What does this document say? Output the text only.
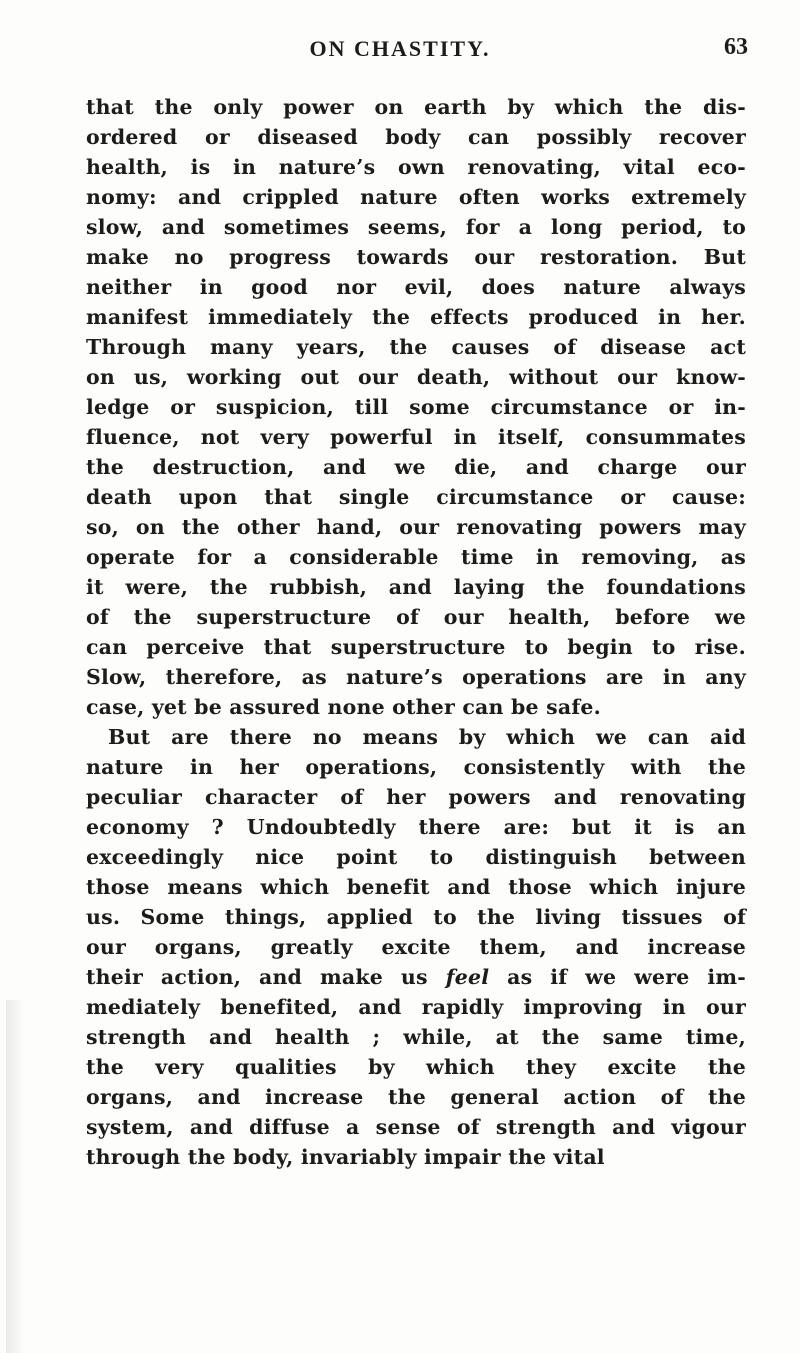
ON CHASTITY.	63
that the only power on earth by which the dis-
ordered or diseased body can possibly recover
health, is in nature’s own renovating, vital eco-
nomy: and crippled nature often works extremely
slow, and sometimes seems, for a long period, to
make no progress towards our restoration. But
neither in good nor evil, does nature always
manifest immediately the effects produced in her.
Through many years, the causes of disease act
on us, working out our death, without our know-
ledge or suspicion, till some circumstance or in-
fluence, not very powerful in itself, consummates
the destruction, and we die, and charge our
death upon that single circumstance or cause:
so, on the other hand, our renovating powers may
operate for a considerable time in removing, as
it were, the rubbish, and laying the foundations
of the superstructure of our health, before we
can perceive that superstructure to begin to rise.
Slow, therefore, as nature’s operations are in any
case, yet be assured none other can be safe.
But are there no means by which we can aid
nature in her operations, consistently with the
peculiar character of her powers and renovating
economy ? Undoubtedly there are: but it is an
exceedingly nice point to distinguish between
those means which benefit and those which injure
us. Some things, applied to the living tissues of
our organs, greatly excite them, and increase
their action, and make us feel as if we were im-
mediately benefited, and rapidly improving in our
strength and health ; while, at the same time,
the very qualities by which they excite the
organs, and increase the general action of the
system, and diffuse a sense of strength and vigour
through the body, invariably impair the vital
